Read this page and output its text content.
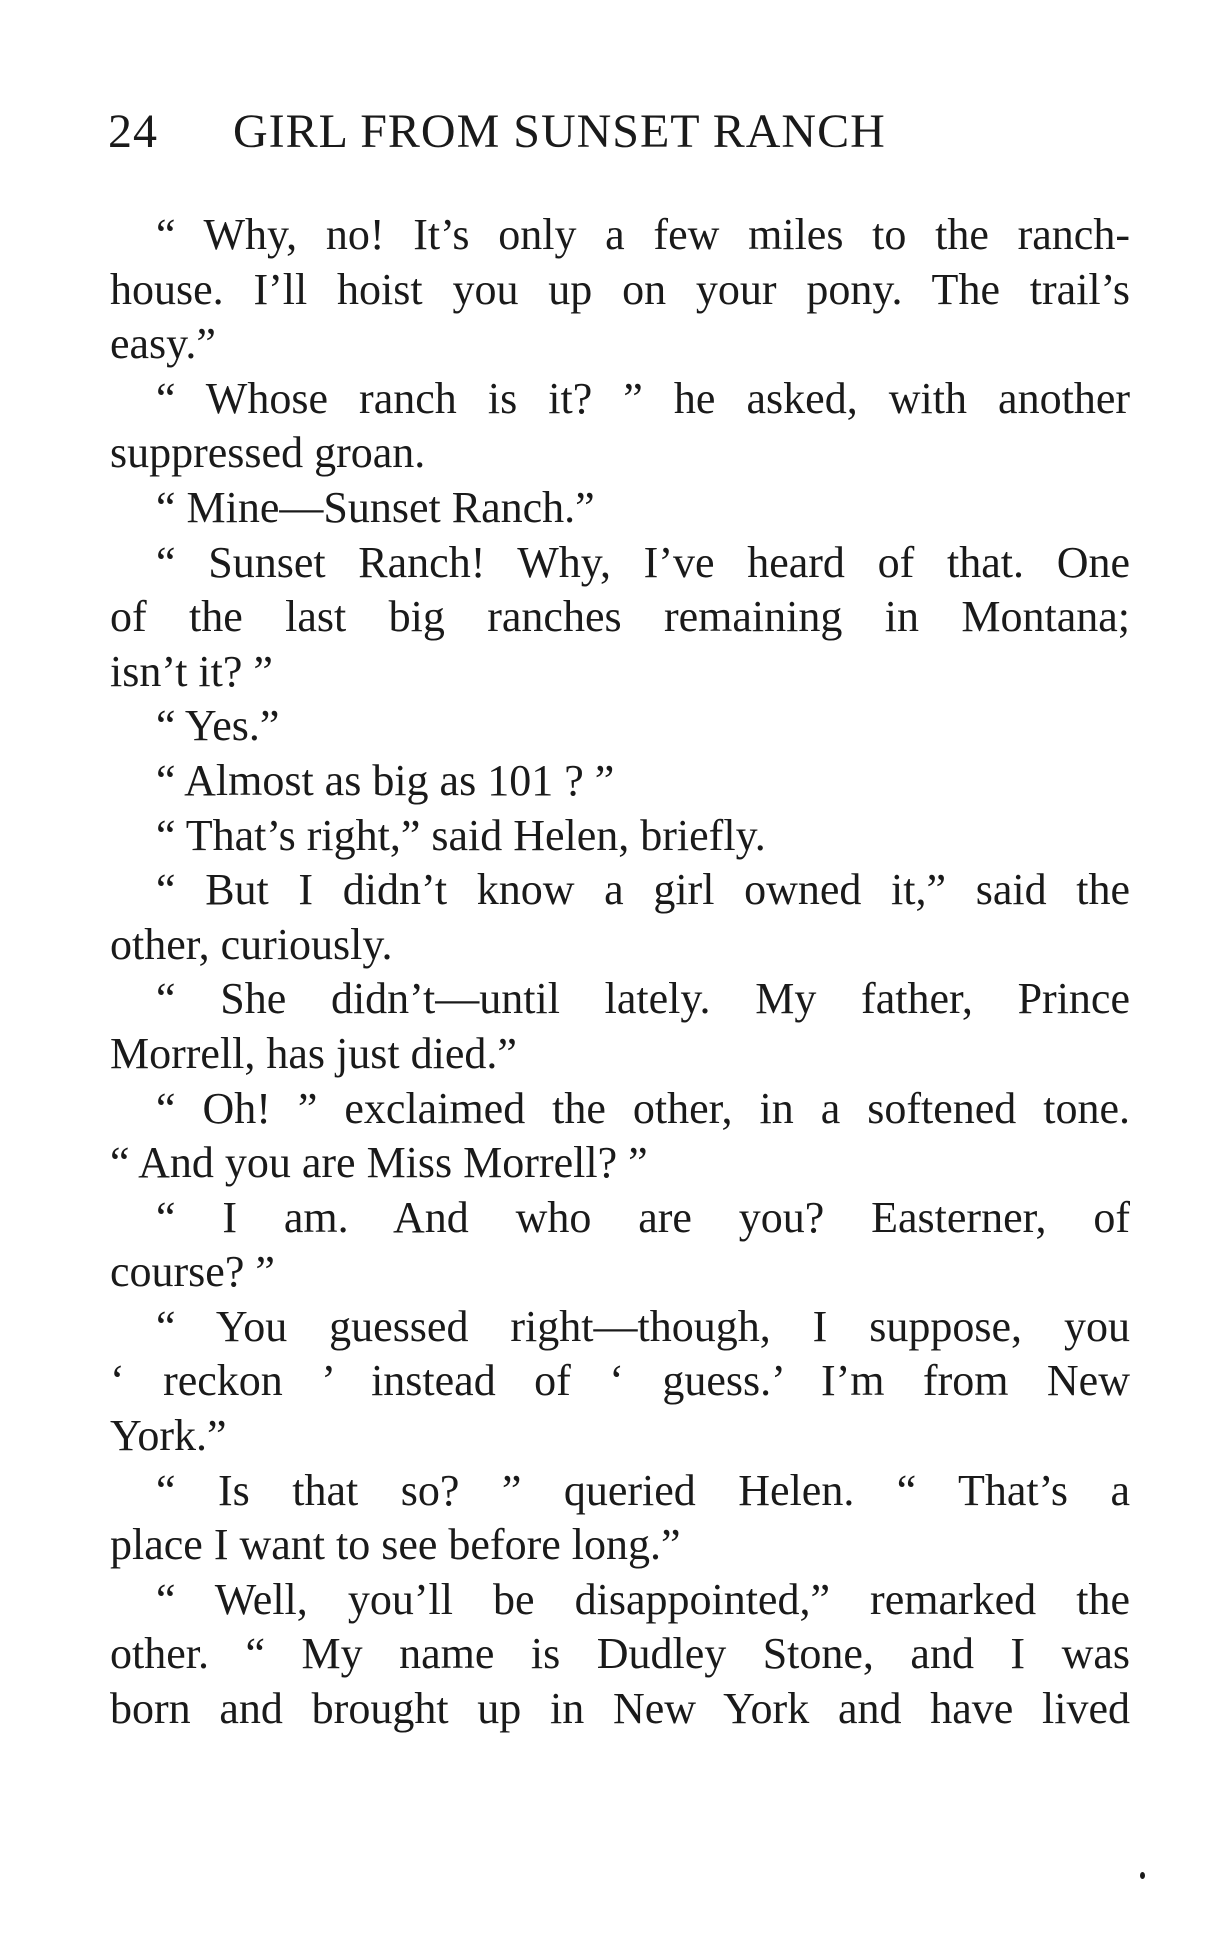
24 GIRL FROM SUNSET RANCH
“ Why, no! It’s only a few miles to the ranch-
house. I’ll hoist you up on your pony. The trail’s
easy.”
“ Whose ranch is it? ” he asked, with another
suppressed groan.
“ Mine—Sunset Ranch.”
“ Sunset Ranch! Why, I’ve heard of that. One
of the last big ranches remaining in Montana;
isn’t it? ”
“ Yes.”
“ Almost as big as 101 ? ”
“ That’s right,” said Helen, briefly.
“ But I didn’t know a girl owned it,” said the
other, curiously.
“ She didn’t—until lately. My father, Prince
Morrell, has just died.”
“ Oh! ” exclaimed the other, in a softened tone.
“ And you are Miss Morrell? ”
“ I am. And who are you? Easterner, of
course? ”
“ You guessed right—though, I suppose, you
‘ reckon ’ instead of ‘ guess.’ I’m from New
York.”
“ Is that so? ” queried Helen. “ That’s a
place I want to see before long.”
“ Well, you’ll be disappointed,” remarked the
other. “ My name is Dudley Stone, and I was
born and brought up in New York and have lived
